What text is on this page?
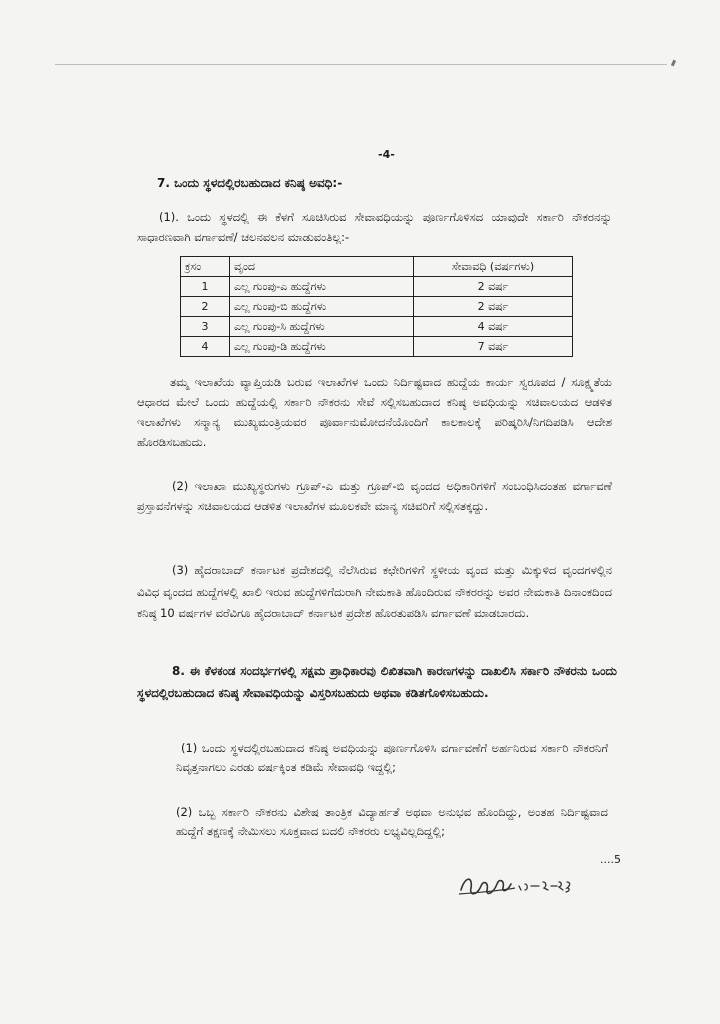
-4-
7. ಒಂದು ಸ್ಥಳದಲ್ಲಿರಬಹುದಾದ ಕನಿಷ್ಠ ಅವಧಿ:-
(1). ಒಂದು ಸ್ಥಳದಲ್ಲಿ ಈ ಕೆಳಗೆ ಸೂಚಿಸಿರುವ ಸೇವಾವಧಿಯನ್ನು ಪೂರ್ಣಗೊಳಿಸದ ಯಾವುದೇ ಸರ್ಕಾರಿ ನೌಕರನನ್ನು ಸಾಧಾರಣವಾಗಿ ವರ್ಗಾವಣೆ/ ಚಲನವಲನ ಮಾಡುವಂತಿಲ್ಲ:-
ಕ್ರಸಂ	ವೃಂದ	ಸೇವಾವಧಿ (ವರ್ಷಗಳು)
1	ಎಲ್ಲ ಗುಂಪು-ಎ ಹುದ್ದೆಗಳು	2 ವರ್ಷ
2	ಎಲ್ಲ ಗುಂಪು-ಬಿ ಹುದ್ದೆಗಳು	2 ವರ್ಷ
3	ಎಲ್ಲ ಗುಂಪು-ಸಿ ಹುದ್ದೆಗಳು	4 ವರ್ಷ
4	ಎಲ್ಲ ಗುಂಪು-ಡಿ ಹುದ್ದೆಗಳು	7 ವರ್ಷ
ತಮ್ಮ ಇಲಾಖೆಯ ವ್ಯಾಪ್ತಿಯಡಿ ಬರುವ ಇಲಾಖೆಗಳ ಒಂದು ನಿರ್ದಿಷ್ಟವಾದ ಹುದ್ದೆಯ ಕಾರ್ಯ ಸ್ವರೂಪದ / ಸೂಕ್ಷ್ಮತೆಯ ಆಧಾರದ ಮೇಲೆ ಒಂದು ಹುದ್ದೆಯಲ್ಲಿ ಸರ್ಕಾರಿ ನೌಕರನು ಸೇವೆ ಸಲ್ಲಿಸಬಹುದಾದ ಕನಿಷ್ಠ ಅವಧಿಯನ್ನು ಸಚಿವಾಲಯದ ಆಡಳಿತ ಇಲಾಖೆಗಳು ಸನ್ಮಾನ್ಯ ಮುಖ್ಯಮಂತ್ರಿಯವರ ಪೂರ್ವಾನುಮೋದನೆಯೊಂದಿಗೆ ಕಾಲಕಾಲಕ್ಕೆ ಪರಿಷ್ಕರಿಸಿ/ನಿಗದಿಪಡಿಸಿ ಆದೇಶ ಹೊರಡಿಸಬಹುದು.
(2) ಇಲಾಖಾ ಮುಖ್ಯಸ್ಥರುಗಳು ಗ್ರೂಪ್-ಎ ಮತ್ತು ಗ್ರೂಪ್-ಬಿ ವೃಂದದ ಅಧಿಕಾರಿಗಳಿಗೆ ಸಂಬಂಧಿಸಿದಂತಹ ವರ್ಗಾವಣೆ ಪ್ರಸ್ತಾವನೆಗಳನ್ನು ಸಚಿವಾಲಯದ ಆಡಳಿತ ಇಲಾಖೆಗಳ ಮೂಲಕವೇ ಮಾನ್ಯ ಸಚಿವರಿಗೆ ಸಲ್ಲಿಸತಕ್ಕದ್ದು.
(3) ಹೈದರಾಬಾದ್ ಕರ್ನಾಟಕ ಪ್ರದೇಶದಲ್ಲಿ ನೆಲೆಸಿರುವ ಕಛೇರಿಗಳಿಗೆ ಸ್ಥಳೀಯ ವೃಂದ ಮತ್ತು ಮಿಕ್ಕುಳಿದ ವೃಂದಗಳಲ್ಲಿನ ವಿವಿಧ ವೃಂದದ ಹುದ್ದೆಗಳಲ್ಲಿ ಖಾಲಿ ಇರುವ ಹುದ್ದೆಗಳಿಗೆದುರಾಗಿ ನೇಮಕಾತಿ ಹೊಂದಿರುವ ನೌಕರರನ್ನು ಅವರ ನೇಮಕಾತಿ ದಿನಾಂಕದಿಂದ ಕನಿಷ್ಠ 10 ವರ್ಷಗಳ ವರೆವಿಗೂ ಹೈದರಾಬಾದ್ ಕರ್ನಾಟಕ ಪ್ರದೇಶ ಹೊರತುಪಡಿಸಿ ವರ್ಗಾವಣೆ ಮಾಡಬಾರದು.
8. ಈ ಕೆಳಕಂಡ ಸಂದರ್ಭಗಳಲ್ಲಿ ಸಕ್ಷಮ ಪ್ರಾಧಿಕಾರವು ಲಿಖಿತವಾಗಿ ಕಾರಣಗಳನ್ನು ದಾಖಲಿಸಿ ಸರ್ಕಾರಿ ನೌಕರನು ಒಂದು ಸ್ಥಳದಲ್ಲಿರಬಹುದಾದ ಕನಿಷ್ಠ ಸೇವಾವಧಿಯನ್ನು ವಿಸ್ತರಿಸಬಹುದು ಅಥವಾ ಕಡಿತಗೊಳಿಸಬಹುದು.
(1) ಒಂದು ಸ್ಥಳದಲ್ಲಿರಬಹುದಾದ ಕನಿಷ್ಠ ಅವಧಿಯನ್ನು ಪೂರ್ಣಗೊಳಿಸಿ ವರ್ಗಾವಣೆಗೆ ಅರ್ಹನಿರುವ ಸರ್ಕಾರಿ ನೌಕರನಿಗೆ ನಿವೃತ್ತನಾಗಲು ಎರಡು ವರ್ಷಕ್ಕಿಂತ ಕಡಿಮೆ ಸೇವಾವಧಿ ಇದ್ದಲ್ಲಿ;
(2) ಒಬ್ಬ ಸರ್ಕಾರಿ ನೌಕರನು ವಿಶೇಷ ತಾಂತ್ರಿಕ ವಿದ್ಯಾರ್ಹತೆ ಅಥವಾ ಅನುಭವ ಹೊಂದಿದ್ದು, ಅಂತಹ ನಿರ್ದಿಷ್ಟವಾದ ಹುದ್ದೆಗೆ ತಕ್ಷಣಕ್ಕೆ ನೇಮಿಸಲು ಸೂಕ್ತವಾದ ಬದಲಿ ನೌಕರರು ಲಭ್ಯವಿಲ್ಲದಿದ್ದಲ್ಲಿ;
....5
